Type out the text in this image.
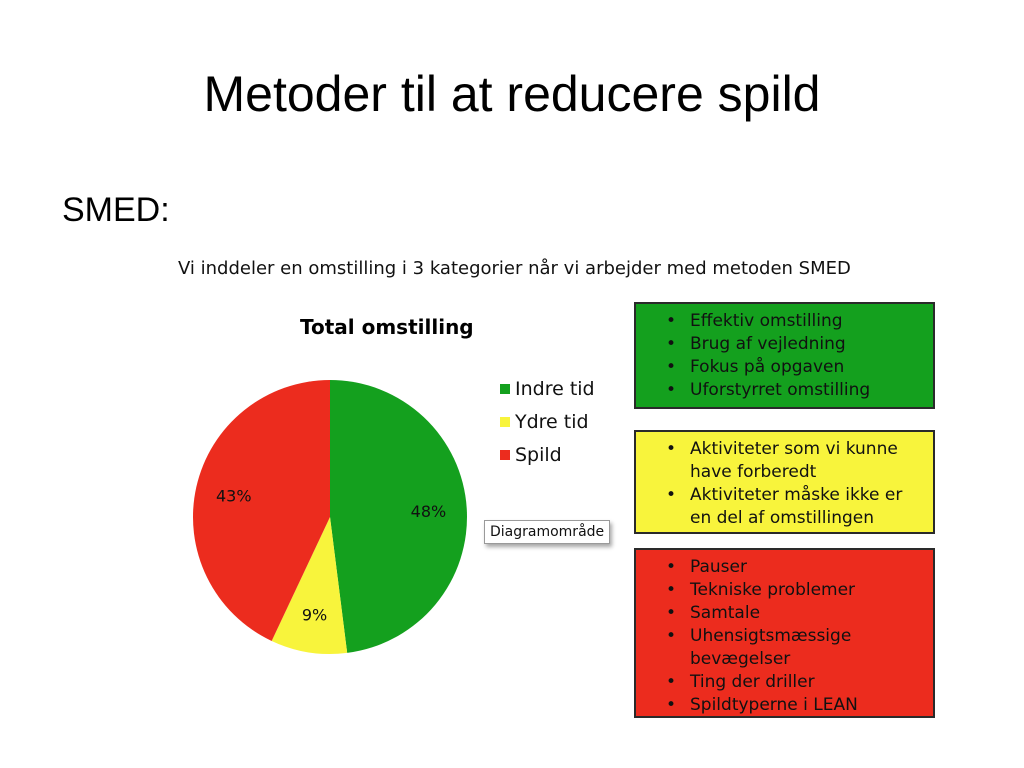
Metoder til at reducere spild
SMED:
Vi inddeler en omstilling i 3 kategorier når vi arbejder med metoden SMED
Total omstilling
48%
9%
43%
Indre tid
Ydre tid
Spild
Diagramområde
• Effektiv omstilling
• Brug af vejledning
• Fokus på opgaven
• Uforstyrret omstilling
• Aktiviteter som vi kunne have forberedt
• Aktiviteter måske ikke er en del af omstillingen
• Pauser
• Tekniske problemer
• Samtale
• Uhensigtsmæssige bevægelser
• Ting der driller
• Spildtyperne i LEAN
